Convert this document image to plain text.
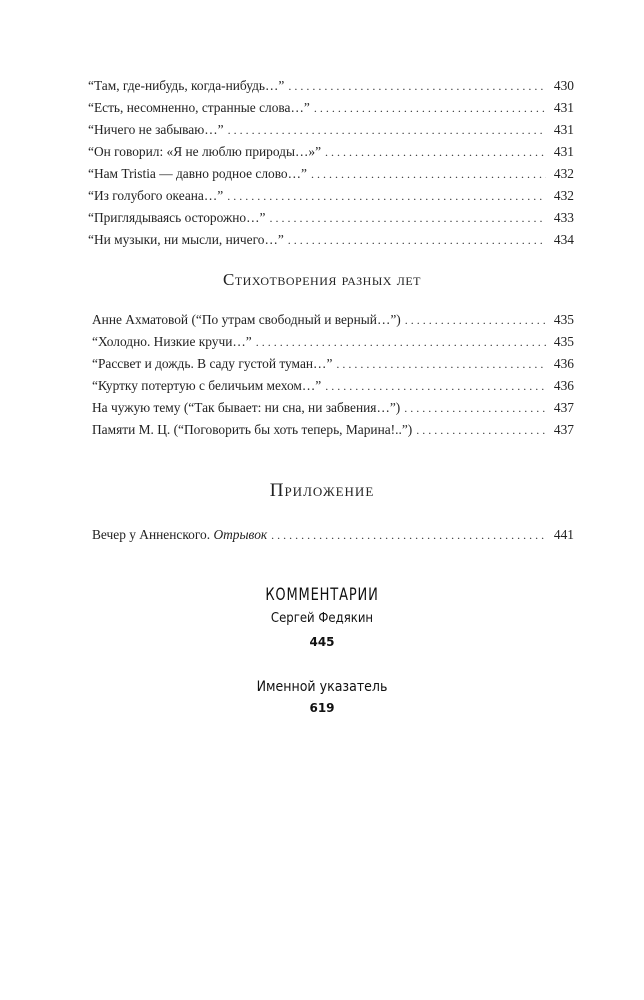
“Там, где-нибудь, когда-нибудь…” . . .	430
“Есть, несомненно, странные слова…” . . .	431
“Ничего не забываю…” . . .	431
“Он говорил: «Я не люблю природы…»” . . .	431
“Нам Tristia — давно родное слово…” . . .	432
“Из голубого океана…” . . .	432
“Приглядываясь осторожно…” . . .	433
“Ни музыки, ни мысли, ничего…” . . .	434
Стихотворения разных лет
Анне Ахматовой (“По утрам свободный и верный…”) . . .	435
“Холодно. Низкие кручи…” . . .	435
“Рассвет и дождь. В саду густой туман…” . . .	436
“Куртку потертую с беличьим мехом…” . . .	436
На чужую тему (“Так бывает: ни сна, ни забвения…”) . . .	437
Памяти М. Ц. (“Поговорить бы хоть теперь, Марина!..”) . . .	437
Приложение
Вечер у Анненского. Отрывок . . .	441
КОММЕНТАРИИ
Сергей Федякин
445
Именной указатель
619
